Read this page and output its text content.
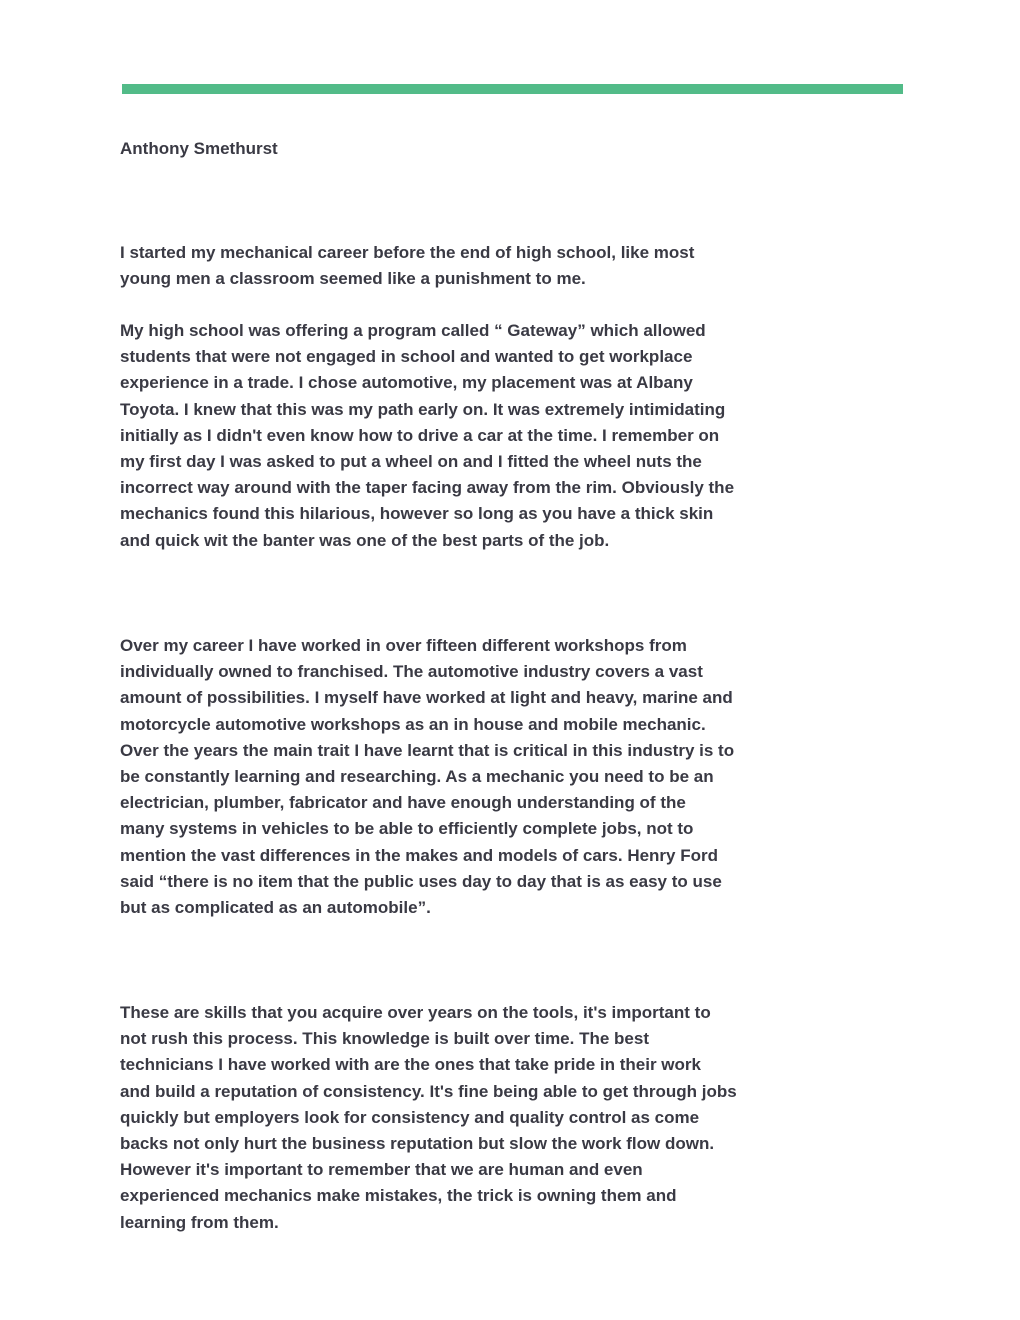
Anthony Smethurst

I started my mechanical career before the end of high school, like most
young men a classroom seemed like a punishment to me.

My high school was offering a program called “ Gateway” which allowed
students that were not engaged in school and wanted to get workplace
experience in a trade. I chose automotive, my placement was at Albany
Toyota. I knew that this was my path early on. It was extremely intimidating
initially as I didn't even know how to drive a car at the time. I remember on
my first day I was asked to put a wheel on and I fitted the wheel nuts the
incorrect way around with the taper facing away from the rim. Obviously the
mechanics found this hilarious, however so long as you have a thick skin
and quick wit the banter was one of the best parts of the job.

Over my career I have worked in over fifteen different workshops from
individually owned to franchised. The automotive industry covers a vast
amount of possibilities. I myself have worked at light and heavy, marine and
motorcycle automotive workshops as an in house and mobile mechanic.
Over the years the main trait I have learnt that is critical in this industry is to
be constantly learning and researching. As a mechanic you need to be an
electrician, plumber, fabricator and have enough understanding of the
many systems in vehicles to be able to efficiently complete jobs, not to
mention the vast differences in the makes and models of cars. Henry Ford
said “there is no item that the public uses day to day that is as easy to use
but as complicated as an automobile”.

These are skills that you acquire over years on the tools, it's important to
not rush this process. This knowledge is built over time. The best
technicians I have worked with are the ones that take pride in their work
and build a reputation of consistency. It's fine being able to get through jobs
quickly but employers look for consistency and quality control as come
backs not only hurt the business reputation but slow the work flow down.
However it's important to remember that we are human and even
experienced mechanics make mistakes, the trick is owning them and
learning from them.
